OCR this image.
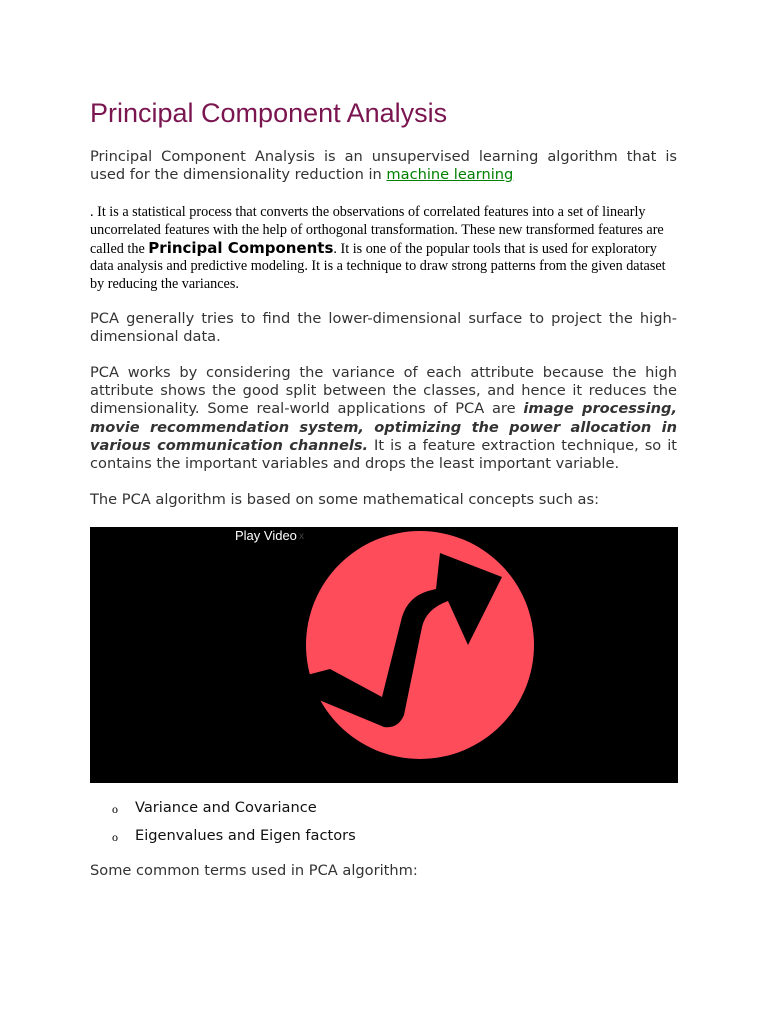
Principal Component Analysis

Principal Component Analysis is an unsupervised learning algorithm that is used for the dimensionality reduction in machine learning

. It is a statistical process that converts the observations of correlated features into a set of linearly uncorrelated features with the help of orthogonal transformation. These new transformed features are called the Principal Components. It is one of the popular tools that is used for exploratory data analysis and predictive modeling. It is a technique to draw strong patterns from the given dataset by reducing the variances.

PCA generally tries to find the lower-dimensional surface to project the high-dimensional data.

PCA works by considering the variance of each attribute because the high attribute shows the good split between the classes, and hence it reduces the dimensionality. Some real-world applications of PCA are image processing, movie recommendation system, optimizing the power allocation in various communication channels. It is a feature extraction technique, so it contains the important variables and drops the least important variable.

The PCA algorithm is based on some mathematical concepts such as:

Some common terms used in PCA algorithm:

Play Video x
o Variance and Covariance
o Eigenvalues and Eigen factors
